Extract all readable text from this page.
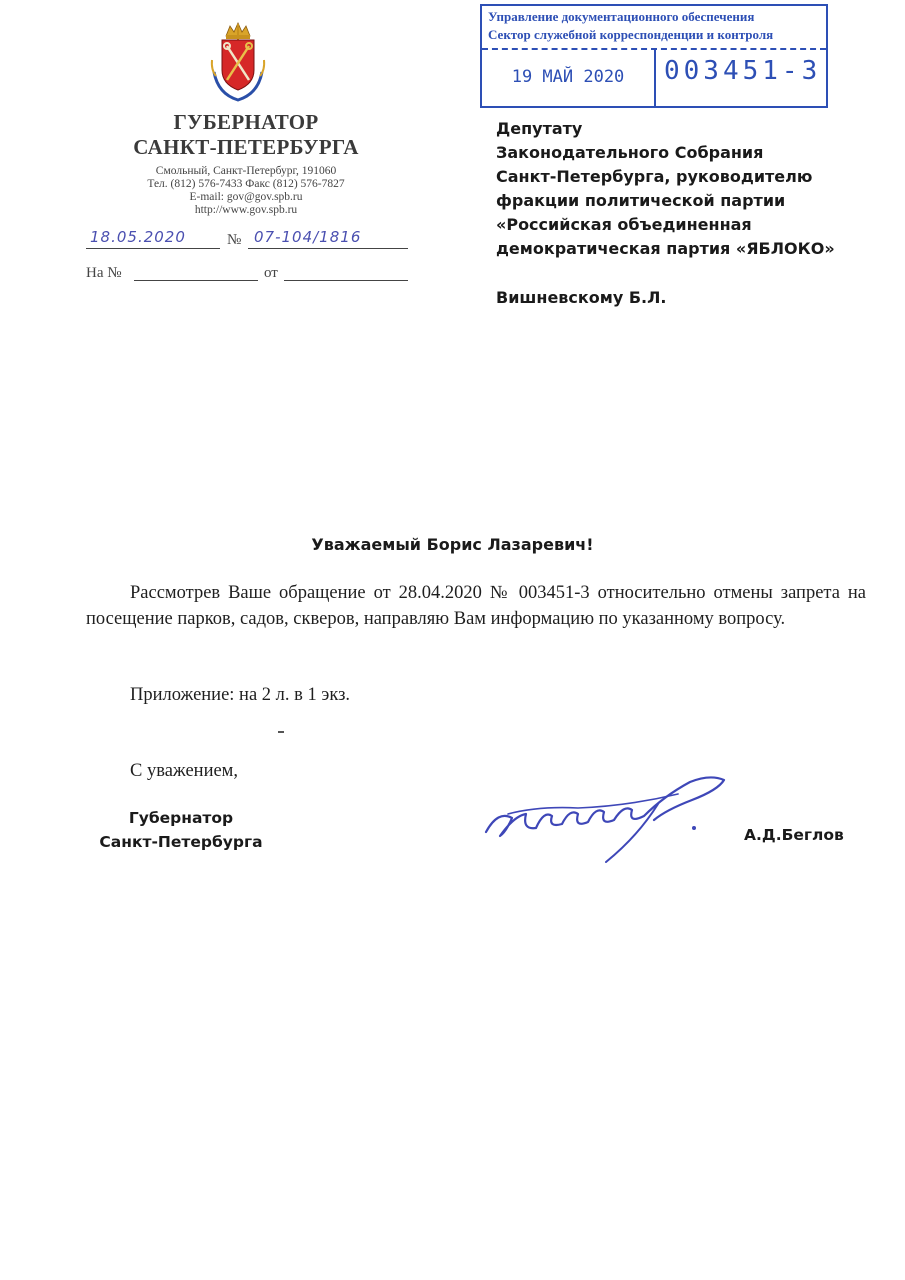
ГУБЕРНАТОР
САНКТ-ПЕТЕРБУРГА
Смольный, Санкт-Петербург, 191060
Тел. (812) 576-7433 Факс (812) 576-7827
E-mail: gov@gov.spb.ru
http://www.gov.spb.ru
18.05.2020	№ 07-104/1816
На №	от
Управление документационного обеспечения
Сектор служебной корреспонденции и контроля
19 МАЙ 2020	003451-3
Депутату
Законодательного Собрания
Санкт-Петербурга, руководителю
фракции политической партии
«Российская объединенная
демократическая партия «ЯБЛОКО»
Вишневскому Б.Л.
Уважаемый Борис Лазаревич!
Рассмотрев Ваше обращение от 28.04.2020 № 003451-3 относительно отмены запрета на посещение парков, садов, скверов, направляю Вам информацию по указанному вопросу.
Приложение: на 2 л. в 1 экз.
С уважением,
Губернатор
Санкт-Петербурга	А.Д.Беглов
